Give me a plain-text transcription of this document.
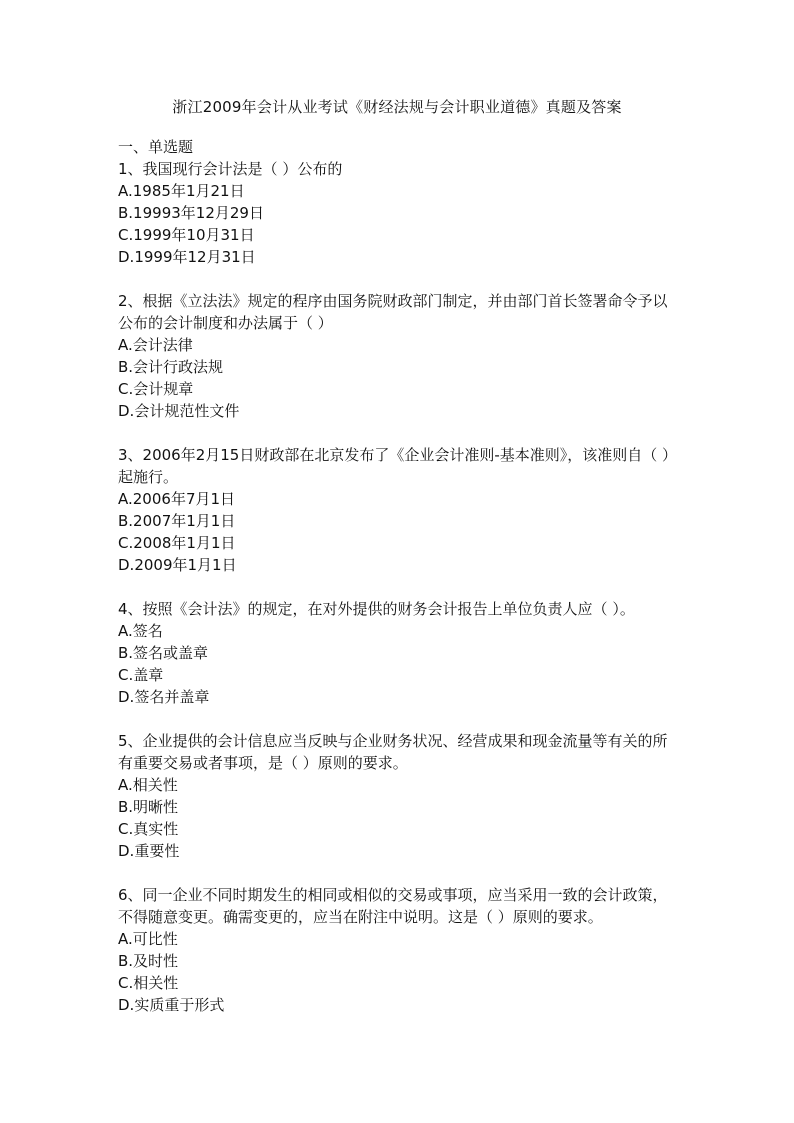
浙江2009年会计从业考试《财经法规与会计职业道德》真题及答案

一、单选题

1、我国现行会计法是（ ）公布的

A.1985年1月21日

B.19993年12月29日

C.1999年10月31日

D.1999年12月31日

2、根据《立法法》规定的程序由国务院财政部门制定，并由部门首长签署命令予以公布的会计制度和办法属于（ ）

A.会计法律

B.会计行政法规

C.会计规章

D.会计规范性文件

3、2006年2月15日财政部在北京发布了《企业会计准则-基本准则》，该准则自（ ）起施行。

A.2006年7月1日

B.2007年1月1日

C.2008年1月1日

D.2009年1月1日

4、按照《会计法》的规定，在对外提供的财务会计报告上单位负责人应（ ）。

A.签名

B.签名或盖章

C.盖章

D.签名并盖章

5、企业提供的会计信息应当反映与企业财务状况、经营成果和现金流量等有关的所有重要交易或者事项，是（ ）原则的要求。

A.相关性

B.明晰性

C.真实性

D.重要性

6、同一企业不同时期发生的相同或相似的交易或事项，应当采用一致的会计政策，不得随意变更。确需变更的，应当在附注中说明。这是（ ）原则的要求。

A.可比性

B.及时性

C.相关性

D.实质重于形式
